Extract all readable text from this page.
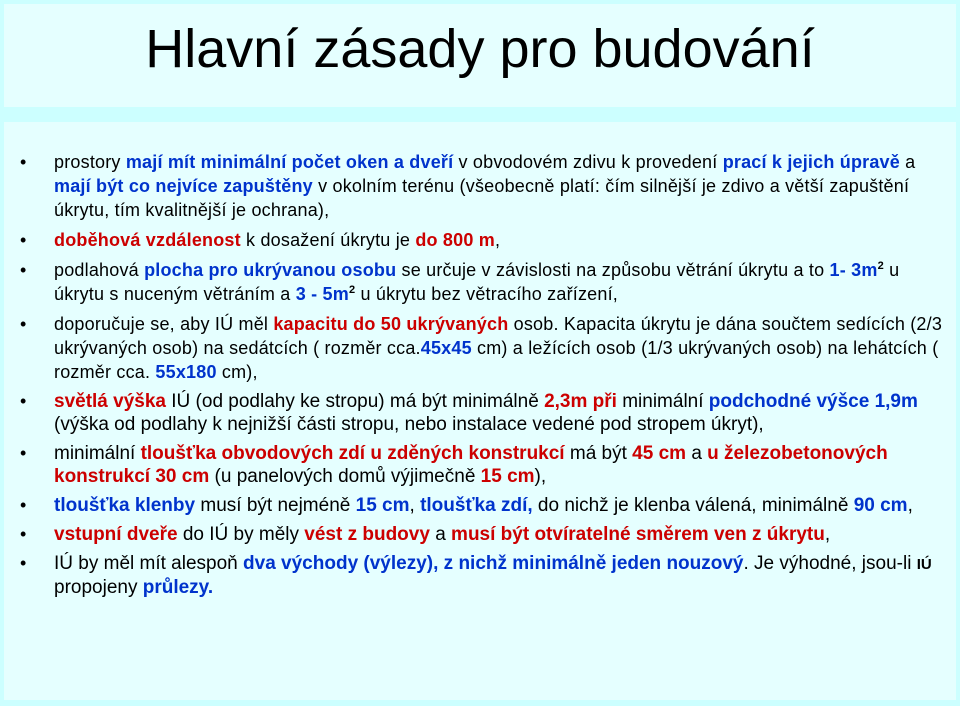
Hlavní zásady pro budování
• prostory mají mít minimální počet oken a dveří v obvodovém zdivu k provedení prací k jejich úpravě a mají být co nejvíce zapuštěny v okolním terénu (všeobecně platí: čím silnější je zdivo a větší zapuštění úkrytu, tím kvalitnější je ochrana),
• doběhová vzdálenost k dosažení úkrytu je do 800 m,
• podlahová plocha pro ukrývanou osobu se určuje v závislosti na způsobu větrání úkrytu a to 1- $3m^2$ u úkrytu s nuceným větráním a $3 - 5m^2$ u úkrytu bez větracího zařízení,
• doporučuje se, aby IÚ měl kapacitu do 50 ukrývaných osob. Kapacita úkrytu je dána součtem sedících (2/3 ukrývaných osob) na sedátcích ( rozměr cca.45x45 cm) a ležících osob (1/3 ukrývaných osob) na lehátcích ( rozměr cca. 55x180 cm),
• světlá výška IÚ (od podlahy ke stropu) má být minimálně 2,3m při minimální podchodné výšce 1,9m (výška od podlahy k nejnižší části stropu, nebo instalace vedené pod stropem úkryt),
• minimální tloušťka obvodových zdí u zděných konstrukcí má být 45 cm a u železobetonových konstrukcí 30 cm (u panelových domů výjimečně 15 cm),
• tloušťka klenby musí být nejméně 15 cm, tloušťka zdí, do nichž je klenba válená, minimálně 90 cm,
• vstupní dveře do IÚ by měly vést z budovy a musí být otvíratelné směrem ven z úkrytu,
• IÚ by měl mít alespoň dva východy (výlezy), z nichž minimálně jeden nouzový. Je výhodné, jsou-li IÚ propojeny průlezy.
